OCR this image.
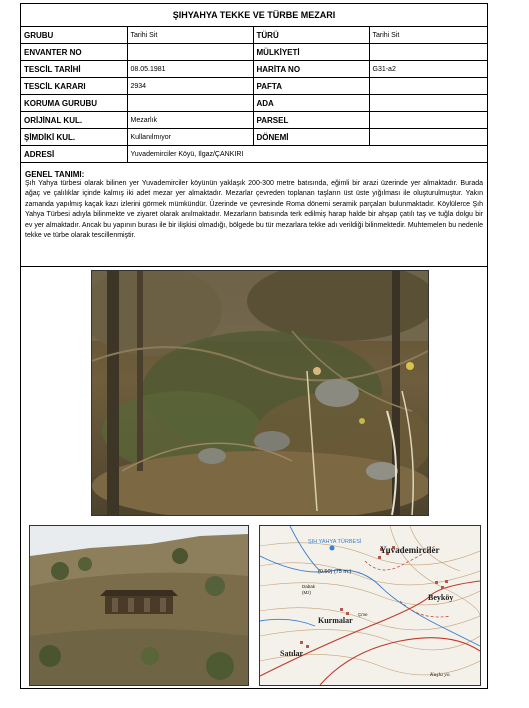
ŞIHYAHYA TEKKE VE TÜRBE MEZARI
GRUBU	Tarihi Sit	TÜRÜ	Tarihi Sit
ENVANTER NO		MÜLKİYETİ	
TESCİL TARİHİ	08.05.1981	HARİTA NO	G31-a2
TESCİL KARARI	2934	PAFTA	
KORUMA GURUBU		ADA	
ORİJİNAL KUL.	Mezarlık	PARSEL	
ŞİMDİKİ KUL.	Kullanılmıyor	DÖNEMİ	
ADRESİ	Yuvademirciler Köyü, Ilgaz/ÇANKIRI		
GENEL TANIMI:
Şıh Yahya türbesi olarak bilinen yer Yuvademirciler köyünün yaklaşık 200-300 metre batısında, eğimli bir arazi üzerinde yer almaktadır. Burada ağaç ve çalılıklar içinde kalmış iki adet mezar yer almaktadır. Mezarlar çevreden toplanan taşların üst üste yığılması ile oluşturulmuştur. Yakın zamanda yapılmış kaçak kazı izlerini görmek mümkündür. Üzerinde ve çevresinde Roma dönemi seramik parçaları bulunmaktadır. Köylülerce Şıh Yahya Türbesi adıyla bilinmekte ve ziyaret olarak anılmaktadır. Mezarların batısında terk edilmiş harap halde bir ahşap çatılı taş ve tuğla dolgu bir ev yer almaktadır. Ancak bu yapının burası ile bir ilişkisi olmadığı, bölgede bu tür mezarlara tekke adı verildiği bilinmektedir. Muhtemelen bu nedenle tekke ve türbe olarak tescillenmiştir.
ŞIH YAHYA TÜRBESİ
Yuvademirciler
Beyköy
Kurmalar
Satılar
(0.50) (75 m.)
Dabak
(Mz)
Çme
Kuşlu yo.
